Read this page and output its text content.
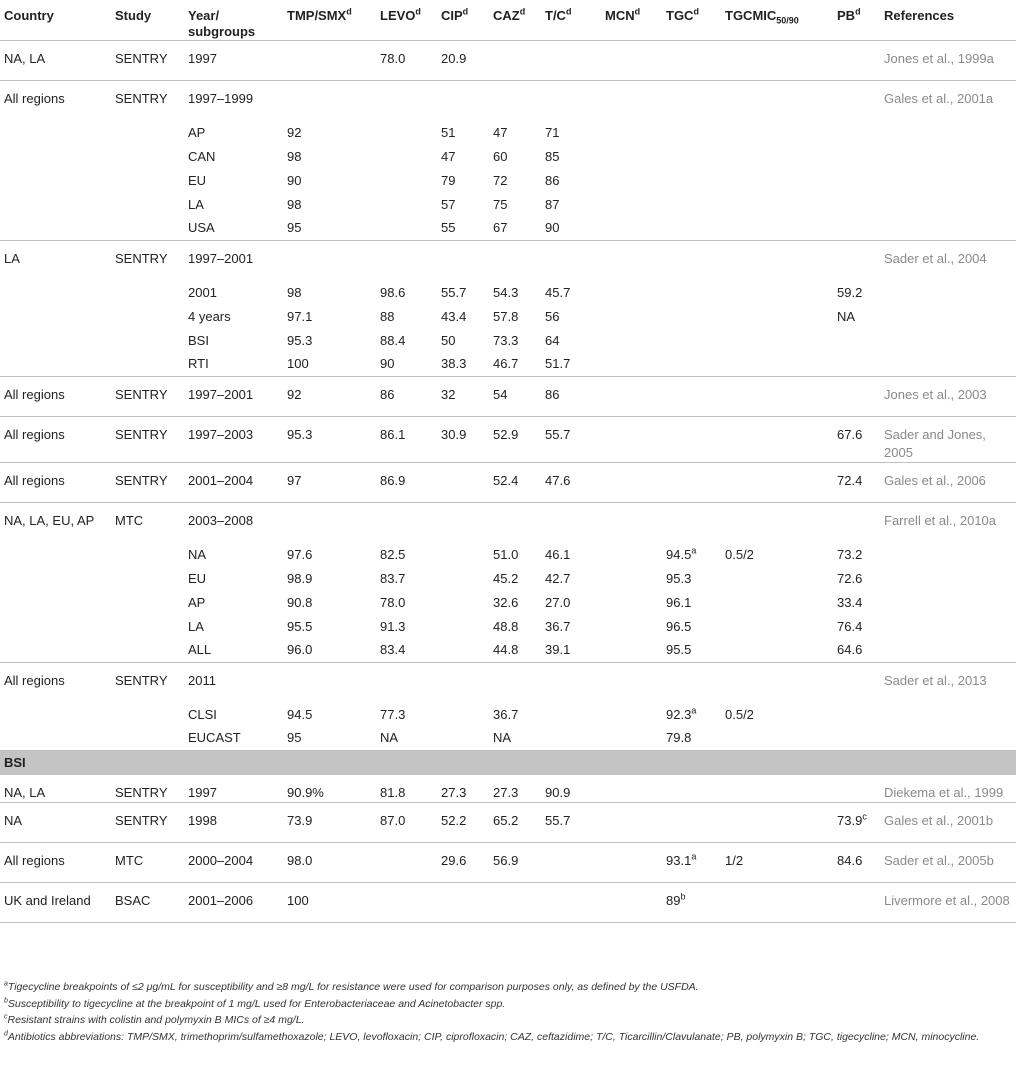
Country	Study	Year/ subgroups	TMP/SMX$^d$	LEVO$^d$	CIP$^d$	CAZ$^d$	$T/C^d$	MCN$^d$	TGC$^d$	$TGCMIC_{50/90}$	$PB^d$	References
NA, LA	SENTRY	1997		78.0	20.9							Jones et al., 1999a
All regions	SENTRY	1997–1999										Gales et al., 2001a
		AP	92		51	47	71					
		CAN	98		47	60	85					
		EU	90		79	72	86					
		LA	98		57	75	87					
		USA	95		55	67	90					
LA	SENTRY	1997–2001										Sader et al., 2004
		2001	98	98.6	55.7	54.3	45.7				59.2	
		4 years	97.1	88	43.4	57.8	56				NA	
		BSI	95.3	88.4	50	73.3	64					
		RTI	100	90	38.3	46.7	51.7					
All regions	SENTRY	1997–2001	92	86	32	54	86					Jones et al., 2003
All regions	SENTRY	1997–2003	95.3	86.1	30.9	52.9	55.7				67.6	Sader and Jones, 2005
All regions	SENTRY	2001–2004	97	86.9		52.4	47.6				72.4	Gales et al., 2006
NA, LA, EU, AP	MTC	2003–2008										Farrell et al., 2010a
		NA	97.6	82.5		51.0	46.1		94.5$^a$	0.5/2	73.2	
		EU	98.9	83.7		45.2	42.7		95.3		72.6	
		AP	90.8	78.0		32.6	27.0		96.1		33.4	
		LA	95.5	91.3		48.8	36.7		96.5		76.4	
		ALL	96.0	83.4		44.8	39.1		95.5		64.6	
All regions	SENTRY	2011										Sader et al., 2013
		CLSI	94.5	77.3		36.7			92.3$^a$	0.5/2		
		EUCAST	95	NA		NA			79.8			
BSI												
NA, LA	SENTRY	1997	90.9%	81.8	27.3	27.3	90.9					Diekema et al., 1999
NA	SENTRY	1998	73.9	87.0	52.2	65.2	55.7				73.9$^c$	Gales et al., 2001b
All regions	MTC	2000–2004	98.0		29.6	56.9			93.1$^a$	1/2	84.6	Sader et al., 2005b
UK and Ireland	BSAC	2001–2006	100						89$^b$			Livermore et al., 2008

$^a$Tigecycline breakpoints of ≤2 μg/mL for susceptibility and ≥8 mg/L for resistance were used for comparison purposes only, as defined by the USFDA.

$^b$Susceptibility to tigecycline at the breakpoint of 1 mg/L used for Enterobacteriaceae and Acinetobacter spp.

$^c$Resistant strains with colistin and polymyxin B MICs of ≥4 mg/L.

$^d$Antibiotics abbreviations: TMP/SMX, trimethoprim/sulfamethoxazole; LEVO, levofloxacin; CIP, ciprofloxacin; CAZ, ceftazidime; T/C, Ticarcillin/Clavulanate; PB, polymyxin B; TGC, tigecycline; MCN, minocycline.
